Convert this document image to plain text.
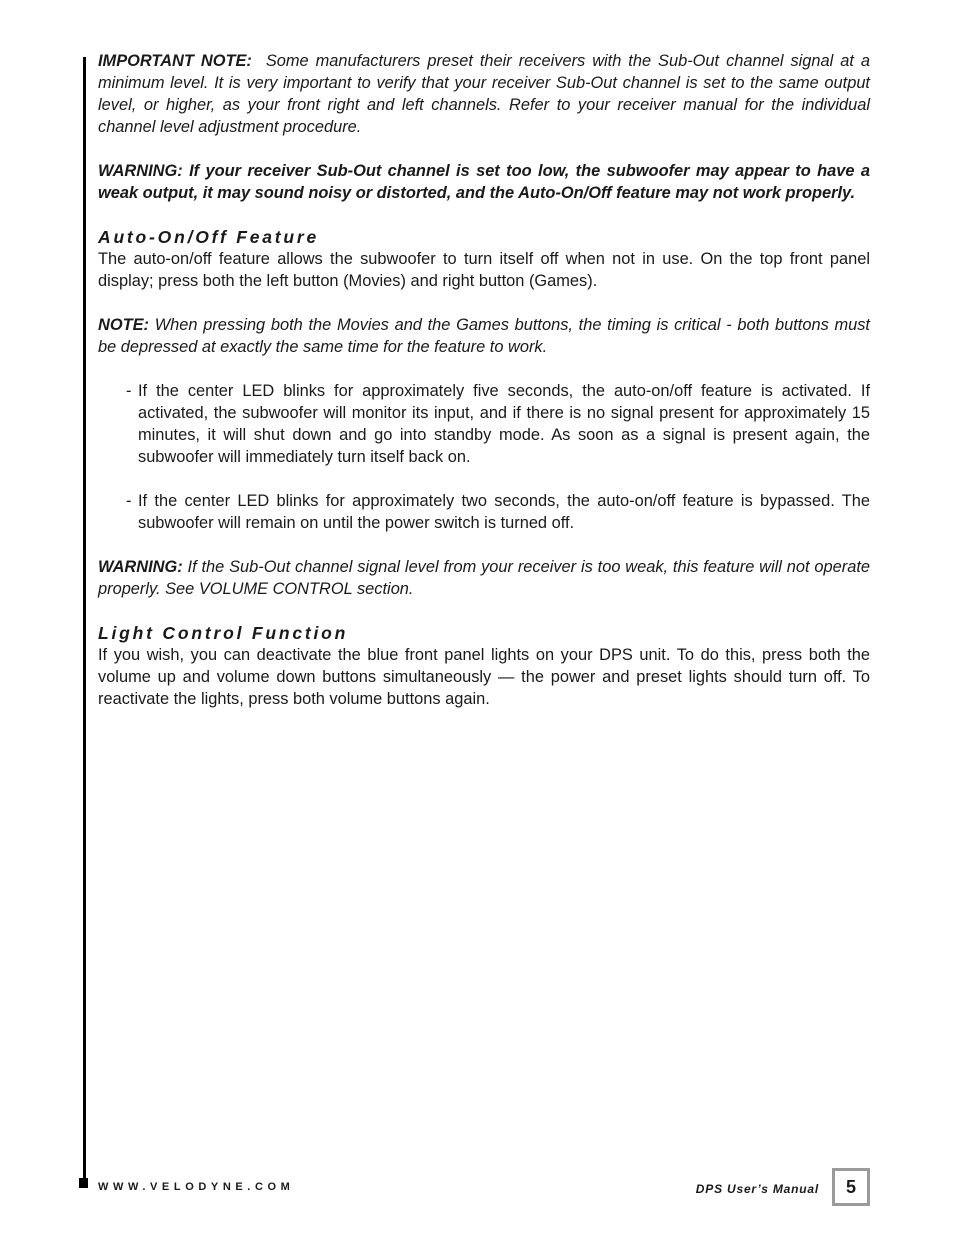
IMPORTANT NOTE: Some manufacturers preset their receivers with the Sub-Out channel signal at a minimum level. It is very important to verify that your receiver Sub-Out channel is set to the same output level, or higher, as your front right and left channels. Refer to your receiver manual for the individual channel level adjustment procedure.

WARNING: If your receiver Sub-Out channel is set too low, the subwoofer may appear to have a weak output, it may sound noisy or distorted, and the Auto-On/Off feature may not work properly.

Auto-On/Off Feature

The auto-on/off feature allows the subwoofer to turn itself off when not in use. On the top front panel display; press both the left button (Movies) and right button (Games).

NOTE: When pressing both the Movies and the Games buttons, the timing is critical - both buttons must be depressed at exactly the same time for the feature to work.

- If the center LED blinks for approximately five seconds, the auto-on/off feature is activated. If activated, the subwoofer will monitor its input, and if there is no signal present for approximately 15 minutes, it will shut down and go into standby mode. As soon as a signal is present again, the subwoofer will immediately turn itself back on.
- If the center LED blinks for approximately two seconds, the auto-on/off feature is bypassed. The subwoofer will remain on until the power switch is turned off.

WARNING: If the Sub-Out channel signal level from your receiver is too weak, this feature will not operate properly. See VOLUME CONTROL section.

Light Control Function

If you wish, you can deactivate the blue front panel lights on your DPS unit. To do this, press both the volume up and volume down buttons simultaneously — the power and preset lights should turn off. To reactivate the lights, press both volume buttons again.

WWW.VELODYNE.COM	DPS User’s Manual 5
